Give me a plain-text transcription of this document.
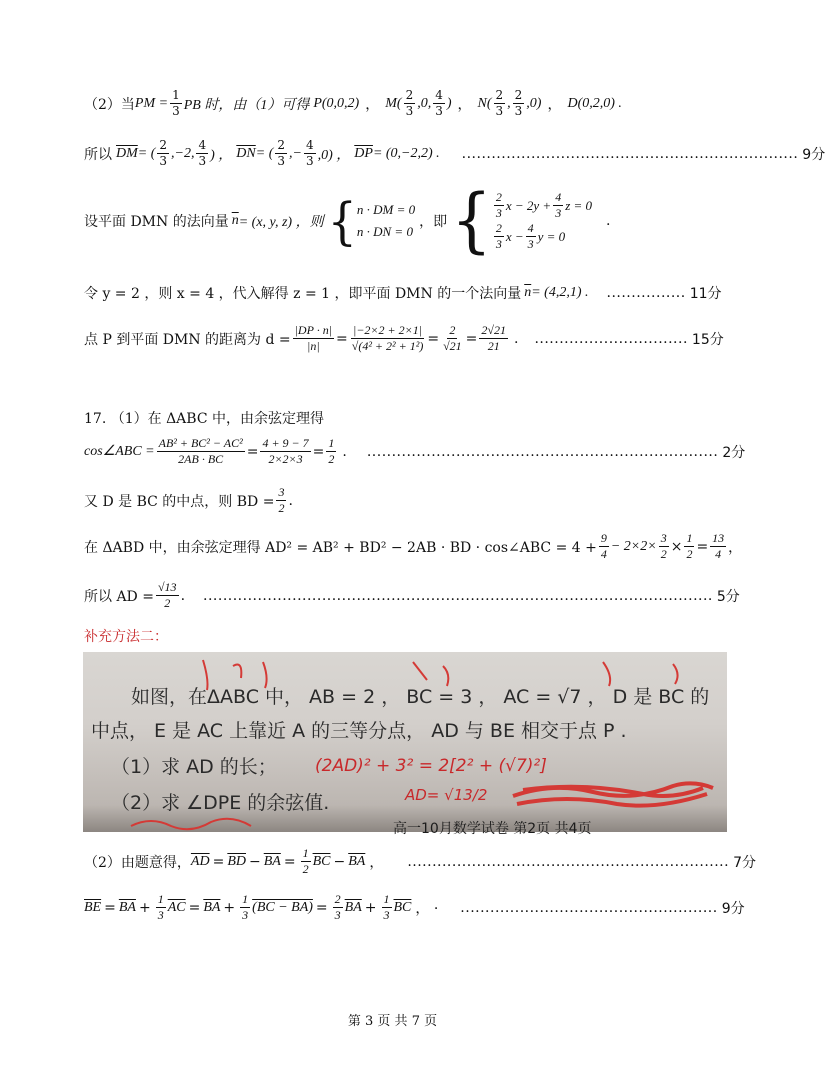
（2）当 PM = $\frac{1}{3}$ PB 时，由（1）可得 P(0,0,2) ， $M( \frac{2}{3} ,0$, $\frac{4}{3}$ ) ， $N( \frac{2}{3}$ , $\frac{2}{3} ,0$) ， D(0,2,0) .
所以 $\overline{DM}$ = ( $\frac{2}{3} ,-2$, $\frac{4}{3}$ ) ， $\overline{DN}$ = ( $\frac{2}{3}$ ,− $\frac{4}{3} ,0$) ， $\overline{DP} = (0,-2,2)$ . .................................................................... 9分
设平面 DMN 的法向量 $\overline{n} = (x$, y, z) ，则 { n · DM = 0
n · DN = 0
，即 { $\frac{2}{3}$ $x - 2y + \frac{4}{3}$ z = 0
$\frac{2}{3}$ $x - \frac{4}{3}$ y = 0
.
令 y = 2 ，则 x = 4 ，代入解得 z = 1 ，即平面 DMN 的一个法向量 $\overline{n} = (4,2,1)$ . ................ 11分
点 P 到平面 DMN 的距离为 $d = \frac{|DP \cdot n|}{|n|} = \frac{|-2\times 2 + 2\times 1|}{\text{√(4² + 2² + 1²)}} = \frac{2}{√21} = \frac{2√21}{21}$ . ............................... 15分
17. （1）在 ΔABC 中，由余弦定理得
cos∠ABC = $\frac{\text{AB² + BC² − AC²}}{2AB \cdot BC} = \frac{4 + 9 - 7}{2\times 2\times 3} = \frac{1}{2}$ . ....................................................................... 2分
又 D 是 BC 的中点，则 BD = $\frac{3}{2}$ .
在 ΔABD 中，由余弦定理得 AD² = AB² + BD² − 2AB · BD · cos∠ABC = $4 + \frac{9}{4} - 2\times 2\times \frac{3}{2} \times \frac{1}{2} = \frac{13}{4}$ ，
所以 AD = $\frac{√13}{2}$ . ....................................................................................................... 5分
补充方法二：
如图，在ΔABC 中， AB = 2 ， BC = 3 ， AC = √7 ， D 是 BC 的
中点， E 是 AC 上靠近 A 的三等分点， AD 与 BE 相交于点 P .
（1）求 AD 的长；
（2）求 ∠DPE 的余弦值.
(2AD)² + 3² = 2[2² + (√7)²]
AD= √13/2
高一10月数学试卷 第2页 共4页
（2）由题意得， $\overline{AD} = \overline{BD} - \overline{BA} = \frac{1}{2} \overline{BC} - \overline{BA}$ ， ................................................................. 7分
$\overline{BE} = \overline{BA} + \frac{1}{3} \overline{AC} = \overline{BA} + \frac{1}{3} (BC - BA) = \frac{2}{3} \overline{BA} + \frac{1}{3} \overline{BC}$ ， · .................................................... 9分
第 3 页 共 7 页
